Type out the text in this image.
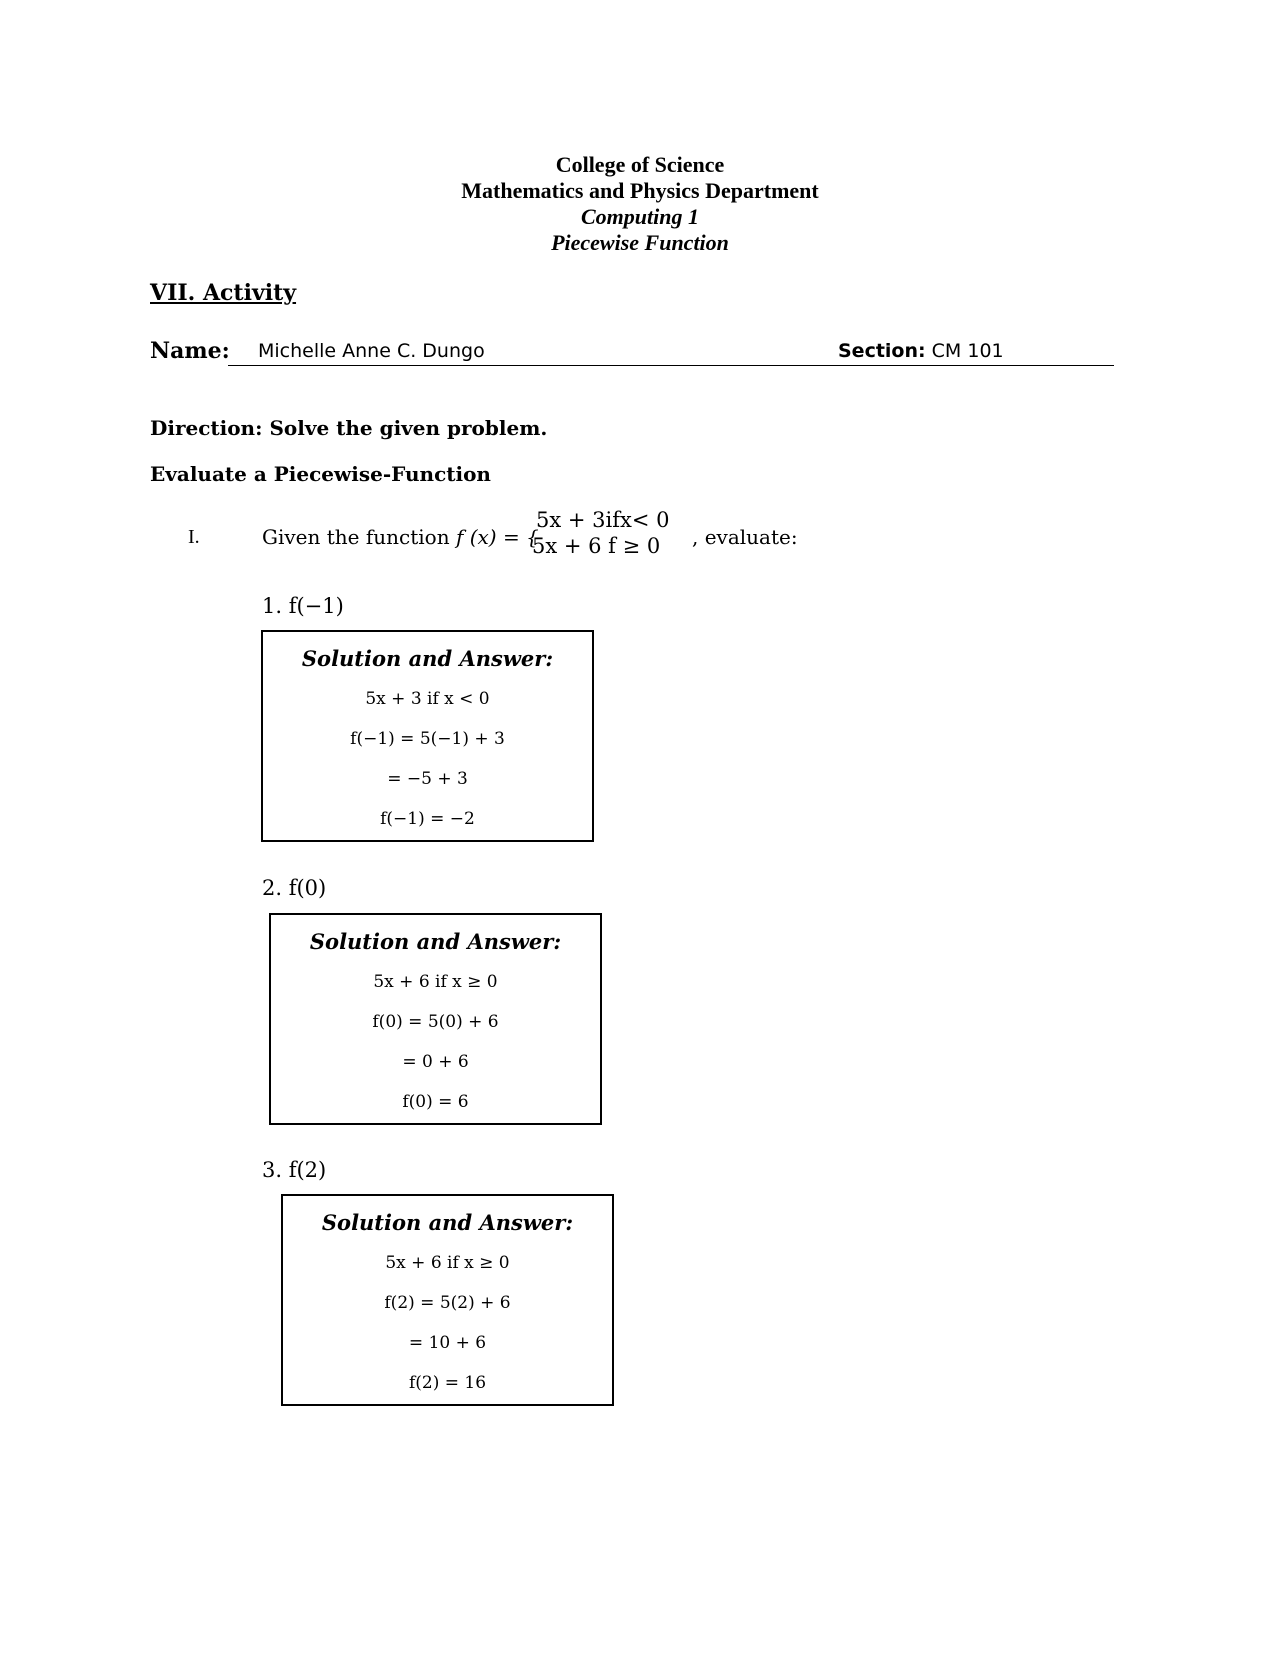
College of Science
Mathematics and Physics Department
Computing 1
Piecewise Function
VII. Activity
Name: Michelle Anne C. Dungo	Section: CM 101
Direction: Solve the given problem.
Evaluate a Piecewise-Function
I.	Given the function f (x) = {
5x + 3ifx< 0
5x + 6 f ≥ 0 , evaluate:
1. f(−1)
Solution and Answer:
5x + 3 if x < 0
f(−1) = 5(−1) + 3
= −5 + 3
f(−1) = −2
2. f(0)
Solution and Answer:
5x + 6 if x ≥ 0
f(0) = 5(0) + 6
= 0 + 6
f(0) = 6
3. f(2)
Solution and Answer:
5x + 6 if x ≥ 0
f(2) = 5(2) + 6
= 10 + 6
f(2) = 16
